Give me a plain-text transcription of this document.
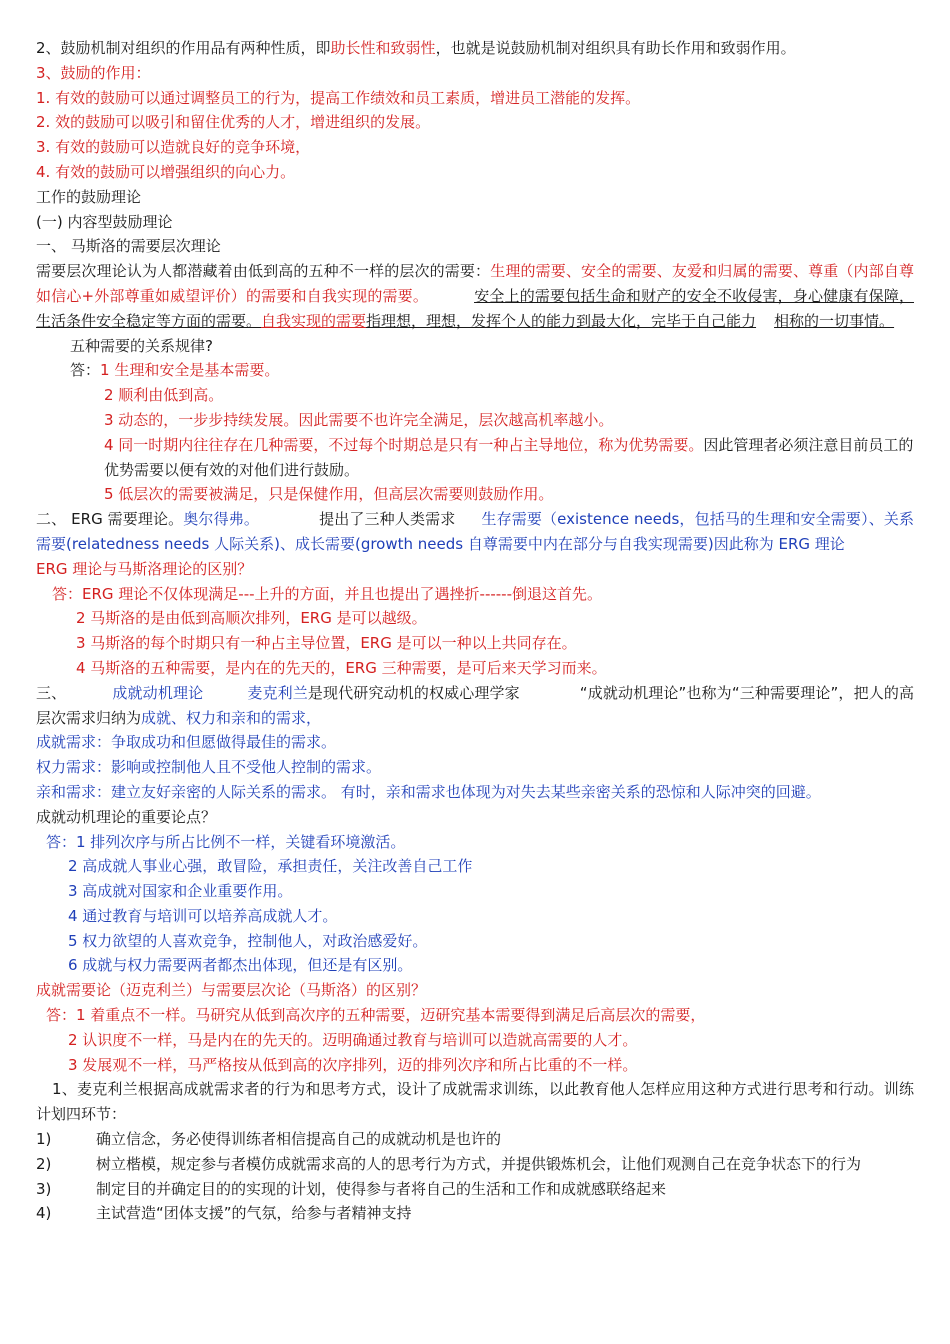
2、鼓励机制对组织的作用品有两种性质，即助长性和致弱性，也就是说鼓励机制对组织具有助长作用和致弱作用。

3、鼓励的作用：

1. 有效的鼓励可以通过调整员工的行为，提高工作绩效和员工素质，增进员工潜能的发挥。

2. 效的鼓励可以吸引和留住优秀的人才，增进组织的发展。

3. 有效的鼓励可以造就良好的竞争环境，

4. 有效的鼓励可以增强组织的向心力。

工作的鼓励理论

(一) 内容型鼓励理论

一、 马斯洛的需要层次理论

需要层次理论认为人都潜藏着由低到高的五种不一样的层次的需要：生理的需要、安全的需要、友爱和归属的需要、尊重（内部自尊如信心+外部尊重如威望评价）的需要和自我实现的需要。	安全上的需要包括生命和财产的安全不收侵害，身心健康有保障，生活条件安全稳定等方面的需要。自我实现的需要指理想，理想，发挥个人的能力到最大化，完毕于自己能力 相称的一切事情。

五种需要的关系规律?

答：1 生理和安全是基本需要。

2 顺利由低到高。

3 动态的，一步步持续发展。因此需要不也许完全满足，层次越高机率越小。

4 同一时期内往往存在几种需要，不过每个时期总是只有一种占主导地位，称为优势需要。因此管理者必须注意目前员工的优势需要以便有效的对他们进行鼓励。

5 低层次的需要被满足，只是保健作用，但高层次需要则鼓励作用。

二、 ERG 需要理论。奥尔得弗。	提出了三种人类需求 生存需要（existence needs，包括马的生理和安全需要）、关系需要(relatedness needs 人际关系)、成长需要(growth needs 自尊需要中内在部分与自我实现需要)因此称为 ERG 理论

ERG 理论与马斯洛理论的区别？

答：ERG 理论不仅体现满足---上升的方面，并且也提出了遇挫折------倒退这首先。

2 马斯洛的是由低到高顺次排列，ERG 是可以越级。

3 马斯洛的每个时期只有一种占主导位置，ERG 是可以一种以上共同存在。

4 马斯洛的五种需要，是内在的先天的，ERG 三种需要，是可后来天学习而来。

三、	成就动机理论	麦克利兰是现代研究动机的权威心理学家	“成就动机理论”也称为“三种需要理论”，把人的高层次需求归纳为成就、权力和亲和的需求，

成就需求：争取成功和但愿做得最佳的需求。

权力需求：影响或控制他人且不受他人控制的需求。

亲和需求：建立友好亲密的人际关系的需求。 有时，亲和需求也体现为对失去某些亲密关系的恐惊和人际冲突的回避。

成就动机理论的重要论点？

答：1 排列次序与所占比例不一样，关键看环境激活。

2 高成就人事业心强，敢冒险，承担责任，关注改善自己工作

3 高成就对国家和企业重要作用。

4 通过教育与培训可以培养高成就人才。

5 权力欲望的人喜欢竞争，控制他人，对政治感爱好。

6 成就与权力需要两者都杰出体现，但还是有区别。

成就需要论（迈克利兰）与需要层次论（马斯洛）的区别？

答：1 着重点不一样。马研究从低到高次序的五种需要，迈研究基本需要得到满足后高层次的需要，

2 认识度不一样，马是内在的先天的。迈明确通过教育与培训可以造就高需要的人才。

3 发展观不一样，马严格按从低到高的次序排列，迈的排列次序和所占比重的不一样。

1、麦克利兰根据高成就需求者的行为和思考方式，设计了成就需求训练，以此教育他人怎样应用这种方式进行思考和行动。训练计划四环节：

1)	确立信念，务必使得训练者相信提高自己的成就动机是也许的

2)	树立楷模，规定参与者模仿成就需求高的人的思考行为方式，并提供锻炼机会，让他们观测自己在竞争状态下的行为

3)	制定目的并确定目的的实现的计划，使得参与者将自己的生活和工作和成就感联络起来

4)	主试营造“团体支援”的气氛，给参与者精神支持
